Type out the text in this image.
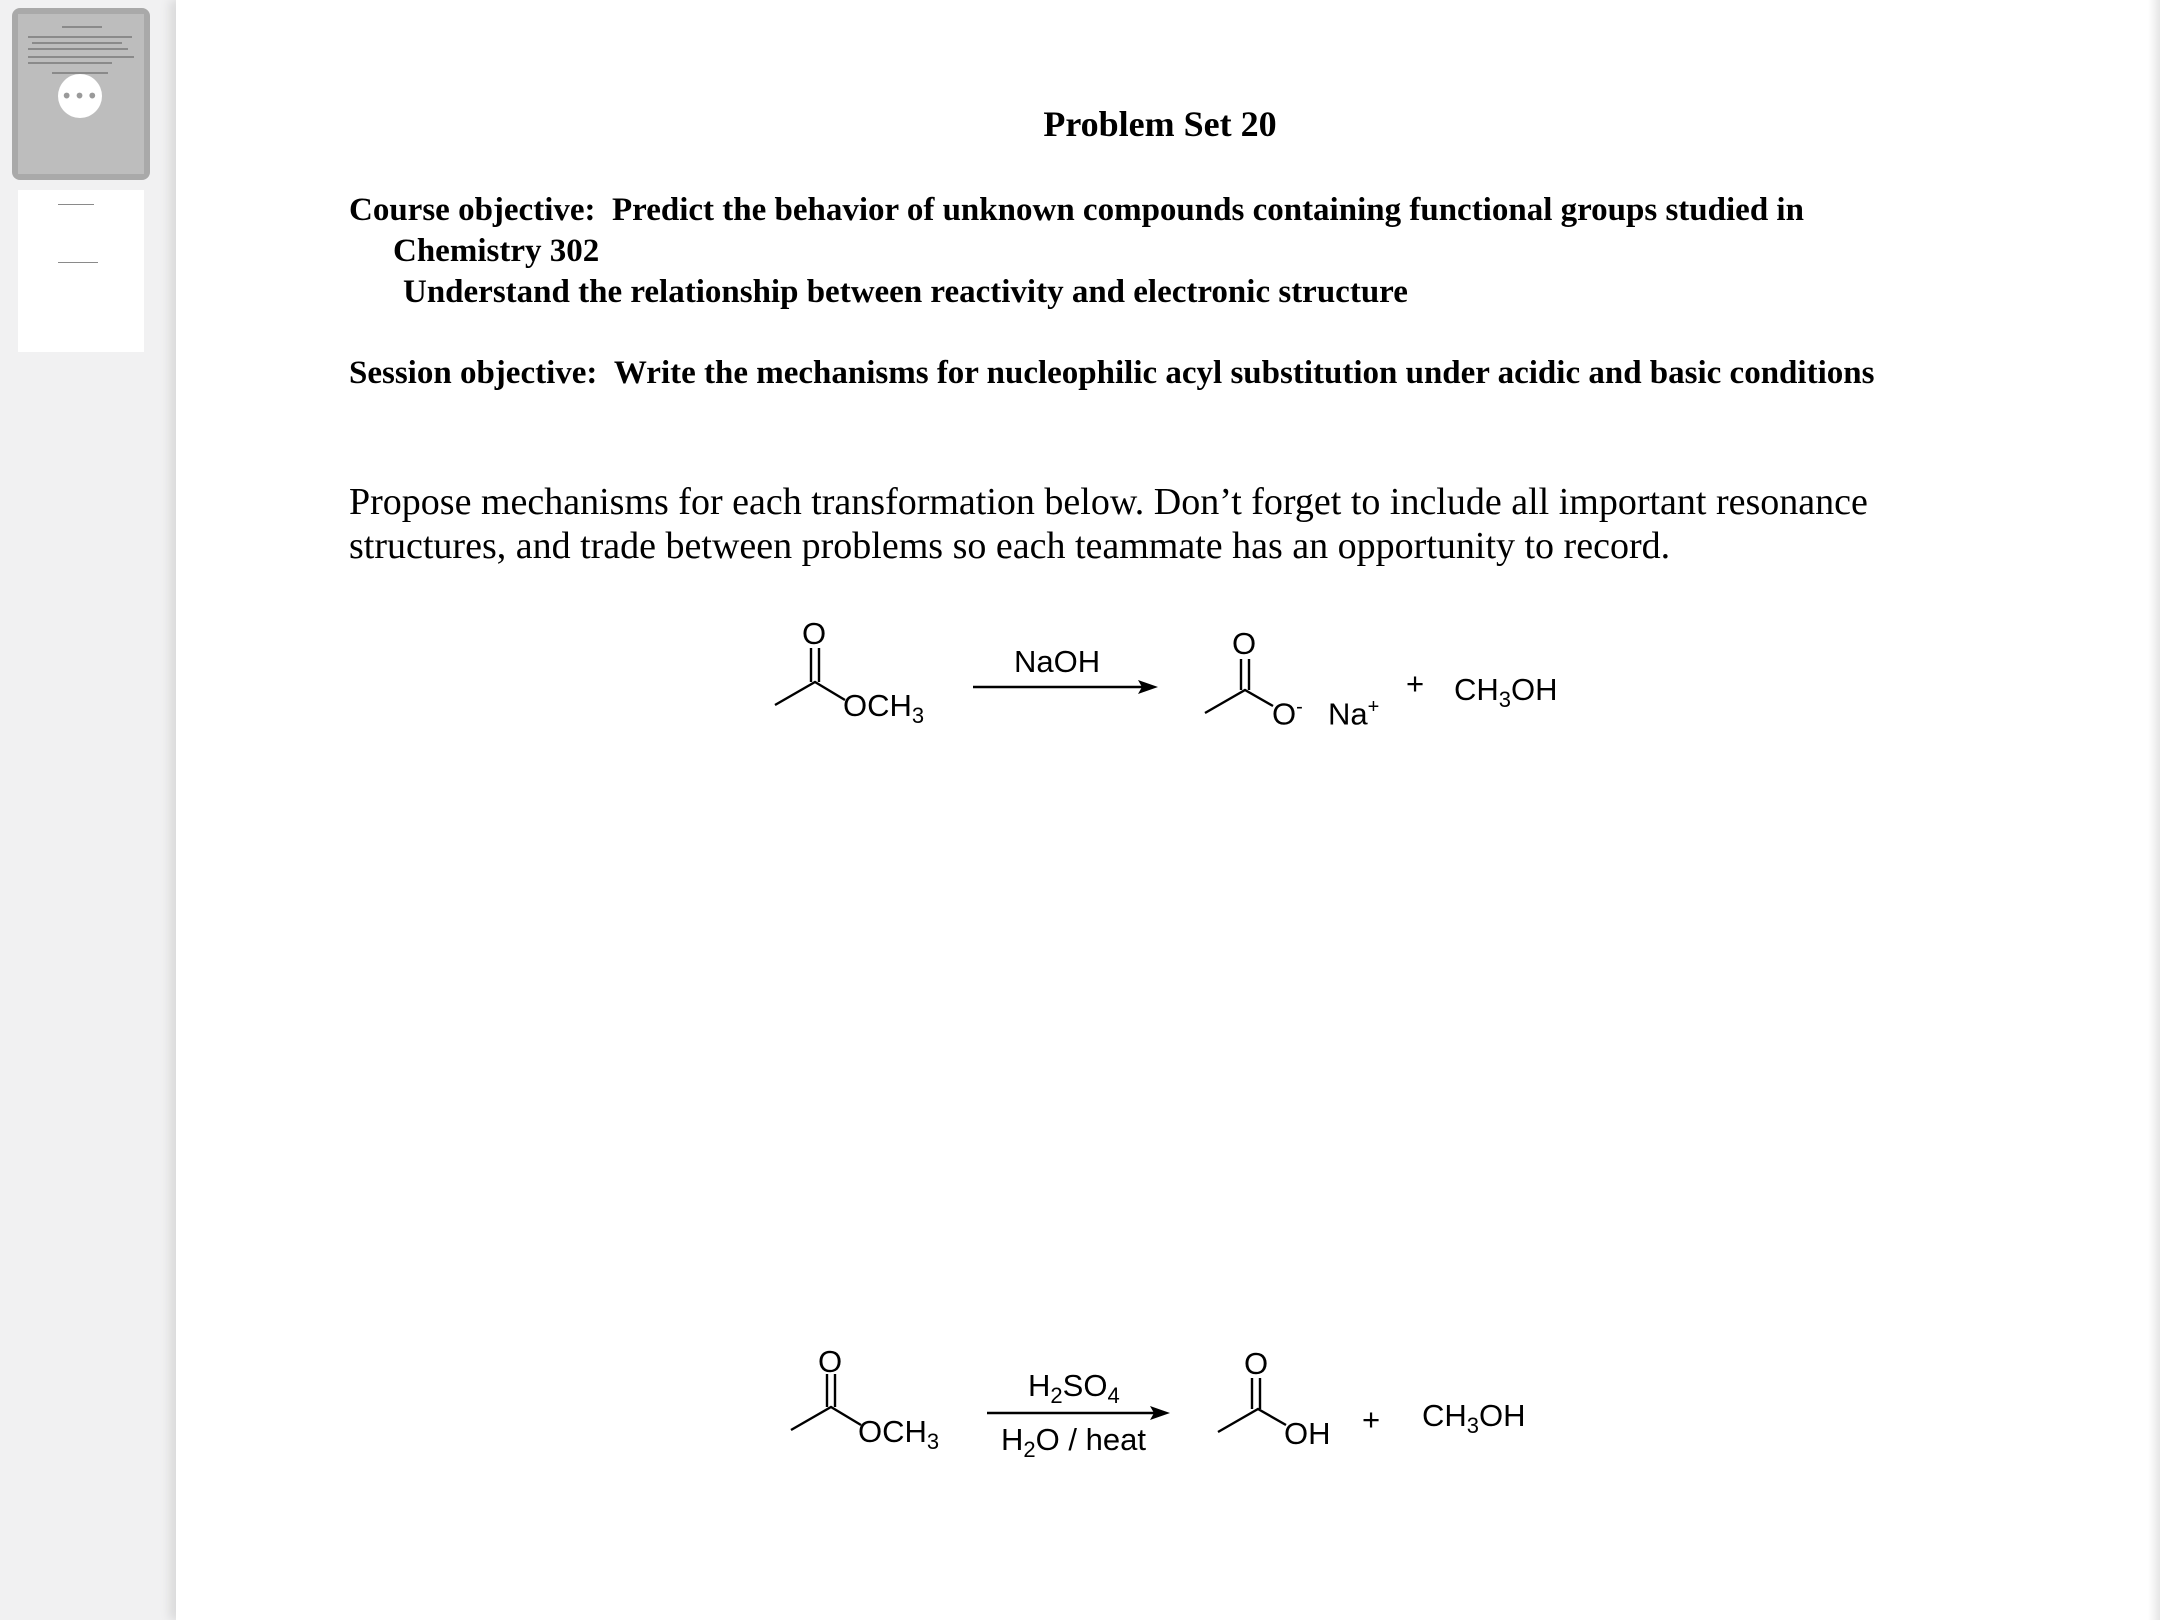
•••
Problem Set 20
Course objective: Predict the behavior of unknown compounds containing functional groups studied in
Chemistry 302
Understand the relationship between reactivity and electronic structure
Session objective: Write the mechanisms for nucleophilic acyl substitution under acidic and basic conditions
Propose mechanisms for each transformation below. Don’t forget to include all important resonance structures, and trade between problems so each teammate has an opportunity to record.
O
$OCH_3$
NaOH
O
O- Na+
+ $CH_3OH$
O
$OCH_3$
$H_2SO_4$
$H_2O$ / heat
O
OH + $CH_3OH$
